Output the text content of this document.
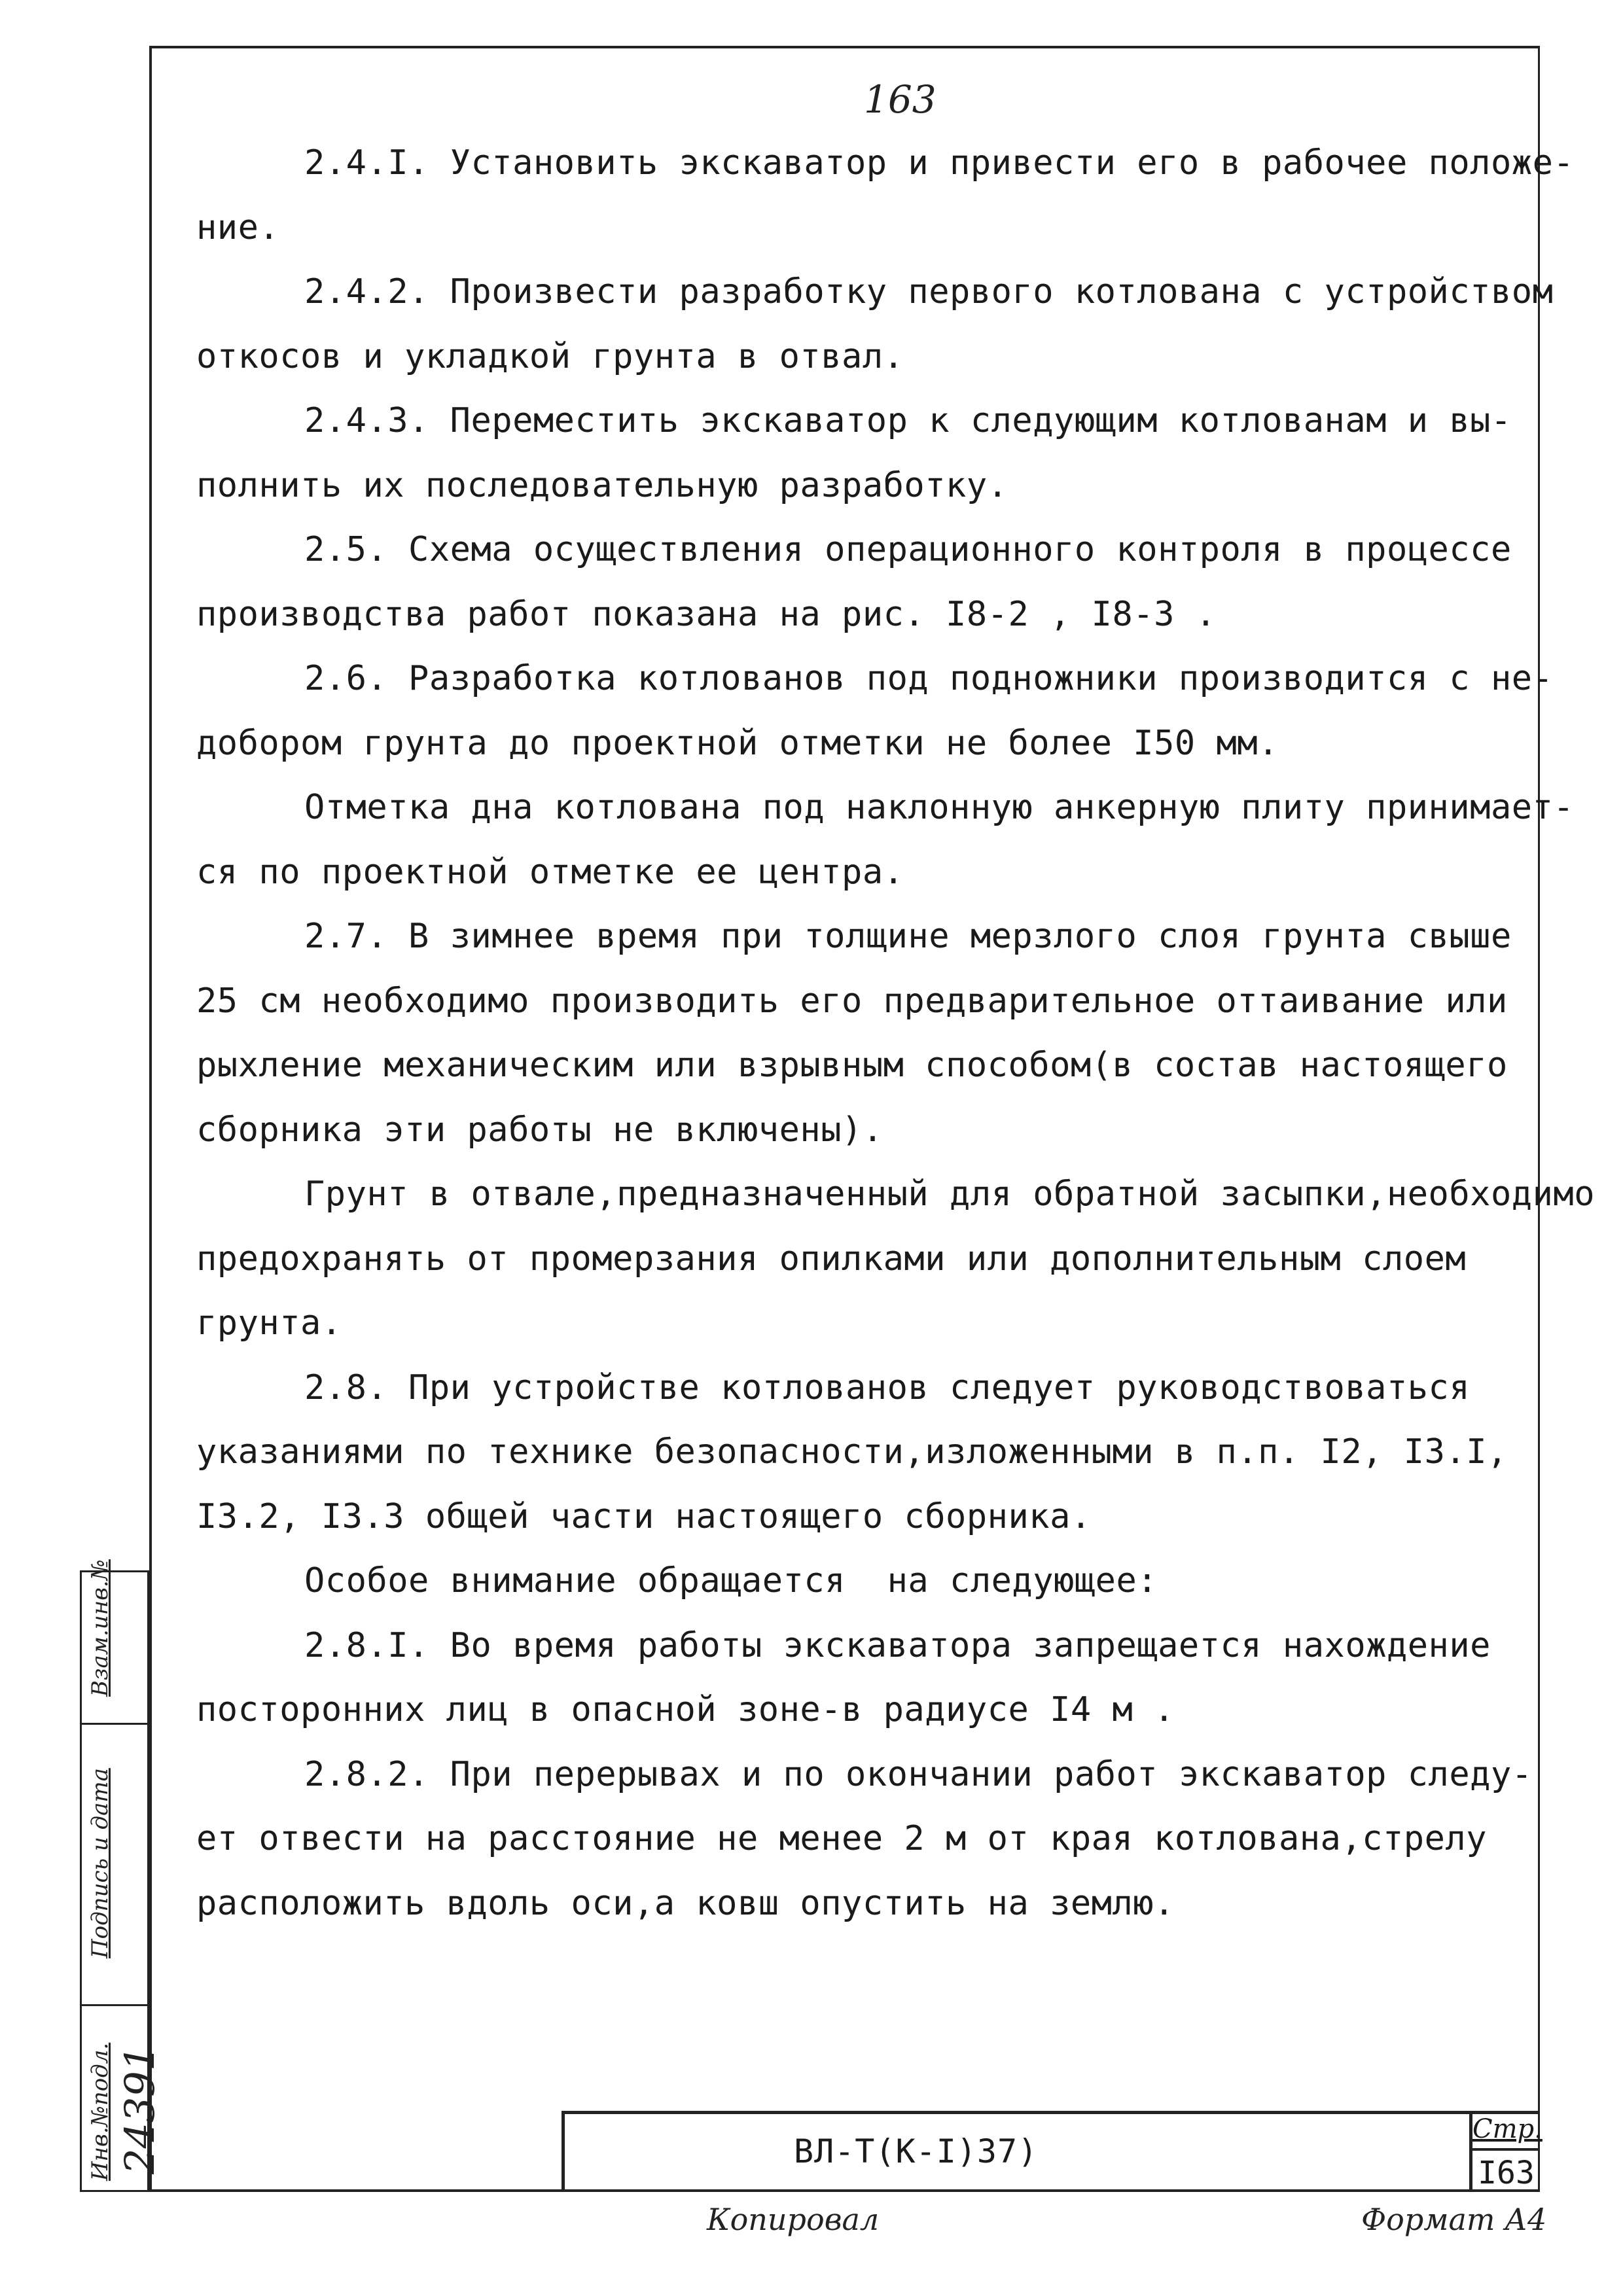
163
2.4.I. Установить экскаватор и привести его в рабочее положе-
ние.
2.4.2. Произвести разработку первого котлована с устройством
откосов и укладкой грунта в отвал.
2.4.3. Переместить экскаватор к следующим котлованам и вы-
полнить их последовательную разработку.
2.5. Схема осуществления операционного контроля в процессе
производства работ показана на рис. I8-2 , I8-3 .
2.6. Разработка котлованов под подножники производится с не-
добором грунта до проектной отметки не более I50 мм.
Отметка дна котлована под наклонную анкерную плиту принимает-
ся по проектной отметке ее центра.
2.7. В зимнее время при толщине мерзлого слоя грунта свыше
25 см необходимо производить его предварительное оттаивание или
рыхление механическим или взрывным способом(в состав настоящего
сборника эти работы не включены).
Грунт в отвале,предназначенный для обратной засыпки,необходимо
предохранять от промерзания опилками или дополнительным слоем
грунта.
2.8. При устройстве котлованов следует руководствоваться
указаниями по технике безопасности,изложенными в п.п. I2, I3.I,
I3.2, I3.3 общей части настоящего сборника.
Особое внимание обращается  на следующее:
2.8.I. Во время работы экскаватора запрещается нахождение
посторонних лиц в опасной зоне-в радиусе I4 м .
2.8.2. При перерывах и по окончании работ экскаватор следу-
ет отвести на расстояние не менее 2 м от края котлована,стрелу
расположить вдоль оси,а ковш опустить на землю.
Взам.инв.№
Подпись и дата
Инв.№подл. 24391	ВЛ-Т(К-I)37)
Стр.
I63
Копировал	Формат А4
